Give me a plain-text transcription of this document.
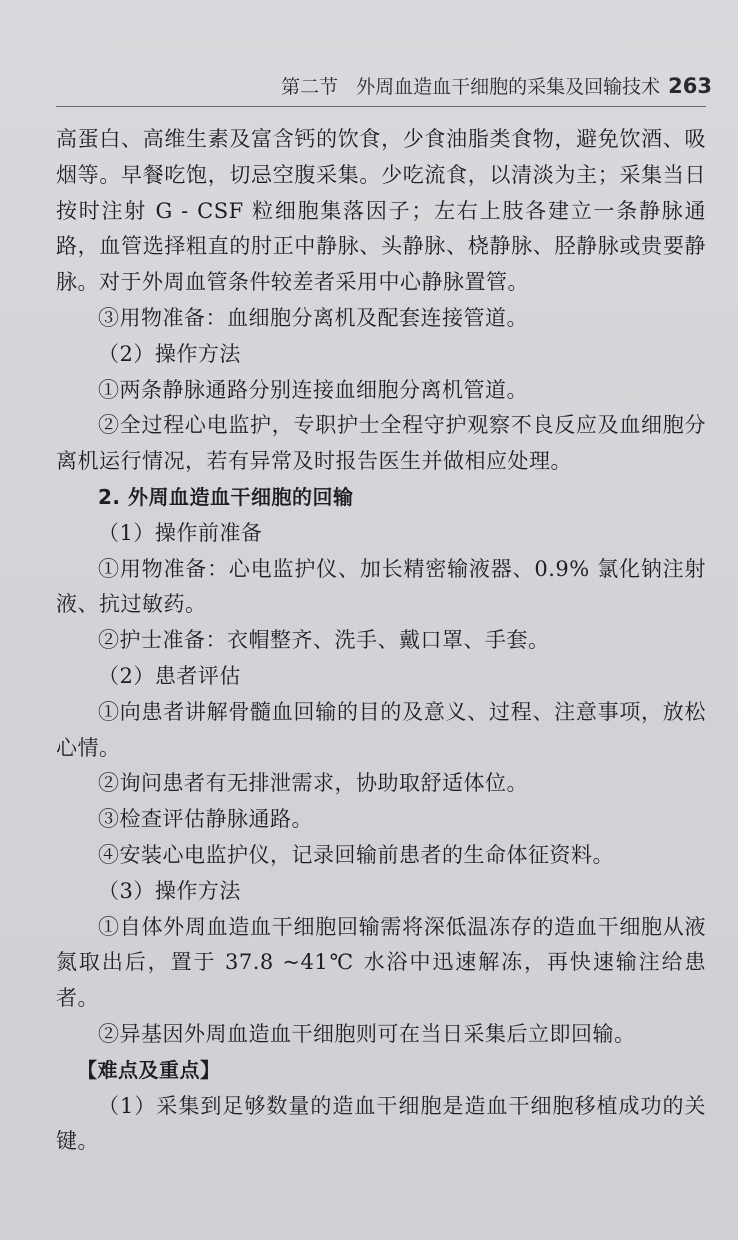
第二节 外周血造血干细胞的采集及回输技术 263

高蛋白、高维生素及富含钙的饮食，少食油脂类食物，避免饮酒、吸烟等。早餐吃饱，切忌空腹采集。少吃流食，以清淡为主；采集当日按时注射 G - CSF 粒细胞集落因子；左右上肢各建立一条静脉通路，血管选择粗直的肘正中静脉、头静脉、桡静脉、胫静脉或贵要静脉。对于外周血管条件较差者采用中心静脉置管。

③用物准备：血细胞分离机及配套连接管道。

（2）操作方法

①两条静脉通路分别连接血细胞分离机管道。

②全过程心电监护，专职护士全程守护观察不良反应及血细胞分离机运行情况，若有异常及时报告医生并做相应处理。

2. 外周血造血干细胞的回输

（1）操作前准备

①用物准备：心电监护仪、加长精密输液器、0.9% 氯化钠注射液、抗过敏药。

②护士准备：衣帽整齐、洗手、戴口罩、手套。

（2）患者评估

①向患者讲解骨髓血回输的目的及意义、过程、注意事项，放松心情。

②询问患者有无排泄需求，协助取舒适体位。

③检查评估静脉通路。

④安装心电监护仪，记录回输前患者的生命体征资料。

（3）操作方法

①自体外周血造血干细胞回输需将深低温冻存的造血干细胞从液氮取出后，置于 37.8 ~41℃ 水浴中迅速解冻，再快速输注给患者。

②异基因外周血造血干细胞则可在当日采集后立即回输。

【难点及重点】

（1）采集到足够数量的造血干细胞是造血干细胞移植成功的关键。
